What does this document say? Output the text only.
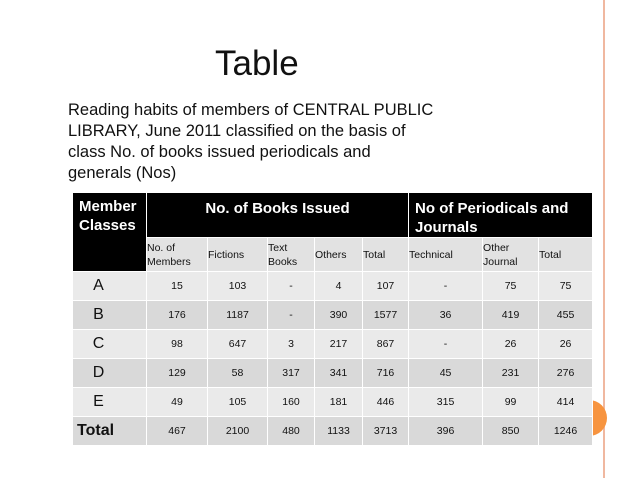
Table
Reading habits of members of CENTRAL PUBLIC LIBRARY, June 2011 classified on the basis of class No. of books issued periodicals and generals (Nos)
Member Classes	No. of Books Issued					No of Periodicals and Journals		
	No. of Members	Fictions	Text Books	Others	Total	Technical	Other Journal	Total
A	15	103	-	4	107	-	75	75
B	176	1187	-	390	1577	36	419	455
C	98	647	3	217	867	-	26	26
D	129	58	317	341	716	45	231	276
E	49	105	160	181	446	315	99	414
Total	467	2100	480	1133	3713	396	850	1246
